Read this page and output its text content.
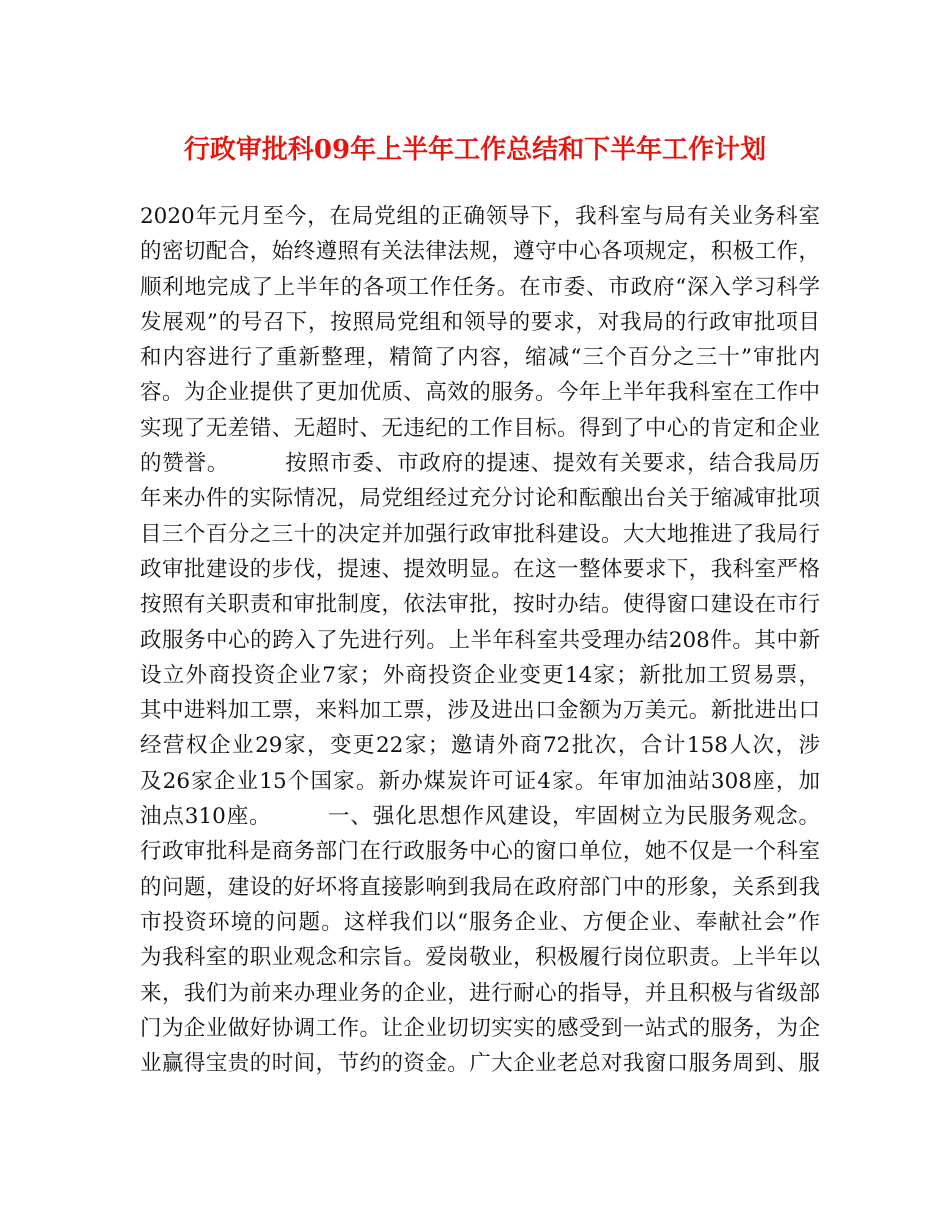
行政审批科09年上半年工作总结和下半年工作计划
2020年元月至今，在局党组的正确领导下，我科室与局有关业务科室
的密切配合，始终遵照有关法律法规，遵守中心各项规定，积极工作，
顺利地完成了上半年的各项工作任务。在市委、市政府“深入学习科学
发展观”的号召下，按照局党组和领导的要求，对我局的行政审批项目
和内容进行了重新整理，精简了内容，缩减“三个百分之三十”审批内
容。为企业提供了更加优质、高效的服务。今年上半年我科室在工作中
实现了无差错、无超时、无违纪的工作目标。得到了中心的肯定和企业
的赞誉。　　　按照市委、市政府的提速、提效有关要求，结合我局历
年来办件的实际情况，局党组经过充分讨论和酝酿出台关于缩减审批项
目三个百分之三十的决定并加强行政审批科建设。大大地推进了我局行
政审批建设的步伐，提速、提效明显。在这一整体要求下，我科室严格
按照有关职责和审批制度，依法审批，按时办结。使得窗口建设在市行
政服务中心的跨入了先进行列。上半年科室共受理办结208件。其中新
设立外商投资企业7家；外商投资企业变更14家；新批加工贸易票，
其中进料加工票，来料加工票，涉及进出口金额为万美元。新批进出口
经营权企业29家，变更22家；邀请外商72批次，合计158人次，涉
及26家企业15个国家。新办煤炭许可证4家。年审加油站308座，加
油点310座。　　　一、强化思想作风建设，牢固树立为民服务观念。
行政审批科是商务部门在行政服务中心的窗口单位，她不仅是一个科室
的问题，建设的好坏将直接影响到我局在政府部门中的形象，关系到我
市投资环境的问题。这样我们以“服务企业、方便企业、奉献社会”作
为我科室的职业观念和宗旨。爱岗敬业，积极履行岗位职责。上半年以
来，我们为前来办理业务的企业，进行耐心的指导，并且积极与省级部
门为企业做好协调工作。让企业切切实实的感受到一站式的服务，为企
业赢得宝贵的时间，节约的资金。广大企业老总对我窗口服务周到、服
